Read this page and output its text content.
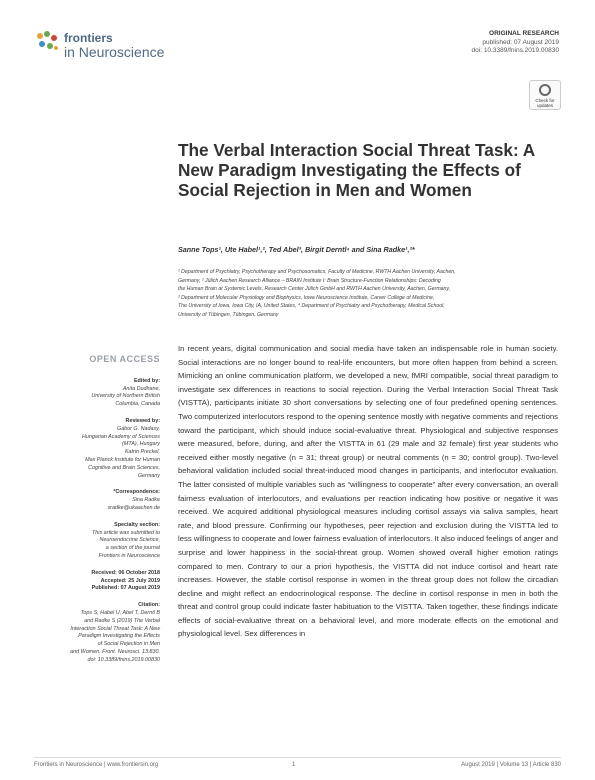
frontiers
in Neuroscience
ORIGINAL RESEARCH
published: 07 August 2019
doi: 10.3389/fnins.2019.00830
Check for
updates
The Verbal Interaction Social Threat Task: A New Paradigm Investigating the Effects of Social Rejection in Men and Women
Sanne Tops¹, Ute Habel¹,², Ted Abel³, Birgit Derntl⁴ and Sina Radke¹,²*
¹ Department of Psychiatry, Psychotherapy and Psychosomatics, Faculty of Medicine, RWTH Aachen University, Aachen,
Germany, ² Jülich Aachen Research Alliance – BRAIN Institute I: Brain Structure-Function Relationships: Decoding
the Human Brain at Systemic Levels, Research Center Jülich GmbH and RWTH Aachen University, Aachen, Germany,
³ Department of Molecular Physiology and Biophysics, Iowa Neuroscience Institute, Carver College of Medicine,
The University of Iowa, Iowa City, IA, United States, ⁴ Department of Psychiatry and Psychotherapy, Medical School,
University of Tübingen, Tübingen, Germany
OPEN ACCESS
Edited by:
Anita Dudhane,
University of Northern British
Columbia, Canada
Reviewed by:
Gábor G. Nadasy,
Hungarian Academy of Sciences
(MTA), Hungary
Katrin Preckel,
Max Planck Institute for Human
Cognitive and Brain Sciences,
Germany
*Correspondence:
Sina Radke
sradke@ukaachen.de
Specialty section:
This article was submitted to
Neuroendocrine Science,
a section of the journal
Frontiers in Neuroscience
Received: 06 October 2018
Accepted: 25 July 2019
Published: 07 August 2019
Citation:
Tops S, Habel U, Abel T, Derntl B
and Radke S (2019) The Verbal
Interaction Social Threat Task: A New
Paradigm Investigating the Effects
of Social Rejection in Men
and Women. Front. Neurosci. 13:830.
doi: 10.3389/fnins.2019.00830

In recent years, digital communication and social media have taken an indispensable role in human society. Social interactions are no longer bound to real-life encounters, but more often happen from behind a screen. Mimicking an online communication platform, we developed a new, fMRI compatible, social threat paradigm to investigate sex differences in reactions to social rejection. During the Verbal Interaction Social Threat Task (VISTTA), participants initiate 30 short conversations by selecting one of four predefined opening sentences. Two computerized interlocutors respond to the opening sentence mostly with negative comments and rejections toward the participant, which should induce social-evaluative threat. Physiological and subjective responses were measured, before, during, and after the VISTTA in 61 (29 male and 32 female) first year students who received either mostly negative (n = 31; threat group) or neutral comments (n = 30; control group). Two-level behavioral validation included social threat-induced mood changes in participants, and interlocutor evaluation. The latter consisted of multiple variables such as “willingness to cooperate” after every conversation, an overall fairness evaluation of interlocutors, and evaluations per reaction indicating how positive or negative it was received. We acquired additional physiological measures including cortisol assays via saliva samples, heart rate, and blood pressure. Confirming our hypotheses, peer rejection and exclusion during the VISTTA led to less willingness to cooperate and lower fairness evaluation of interlocutors. It also induced feelings of anger and surprise and lower happiness in the social-threat group. Women showed overall higher emotion ratings compared to men. Contrary to our a priori hypothesis, the VISTTA did not induce cortisol and heart rate increases. However, the stable cortisol response in women in the threat group does not follow the circadian decline and might reflect an endocrinological response. The decline in cortisol response in men in both the threat and control group could indicate faster habituation to the VISTTA. Taken together, these findings indicate effects of social-evaluative threat on a behavioral level, and more moderate effects on the emotional and physiological level. Sex differences in

Frontiers in Neuroscience | www.frontiersin.org	1	August 2019 | Volume 13 | Article 830
